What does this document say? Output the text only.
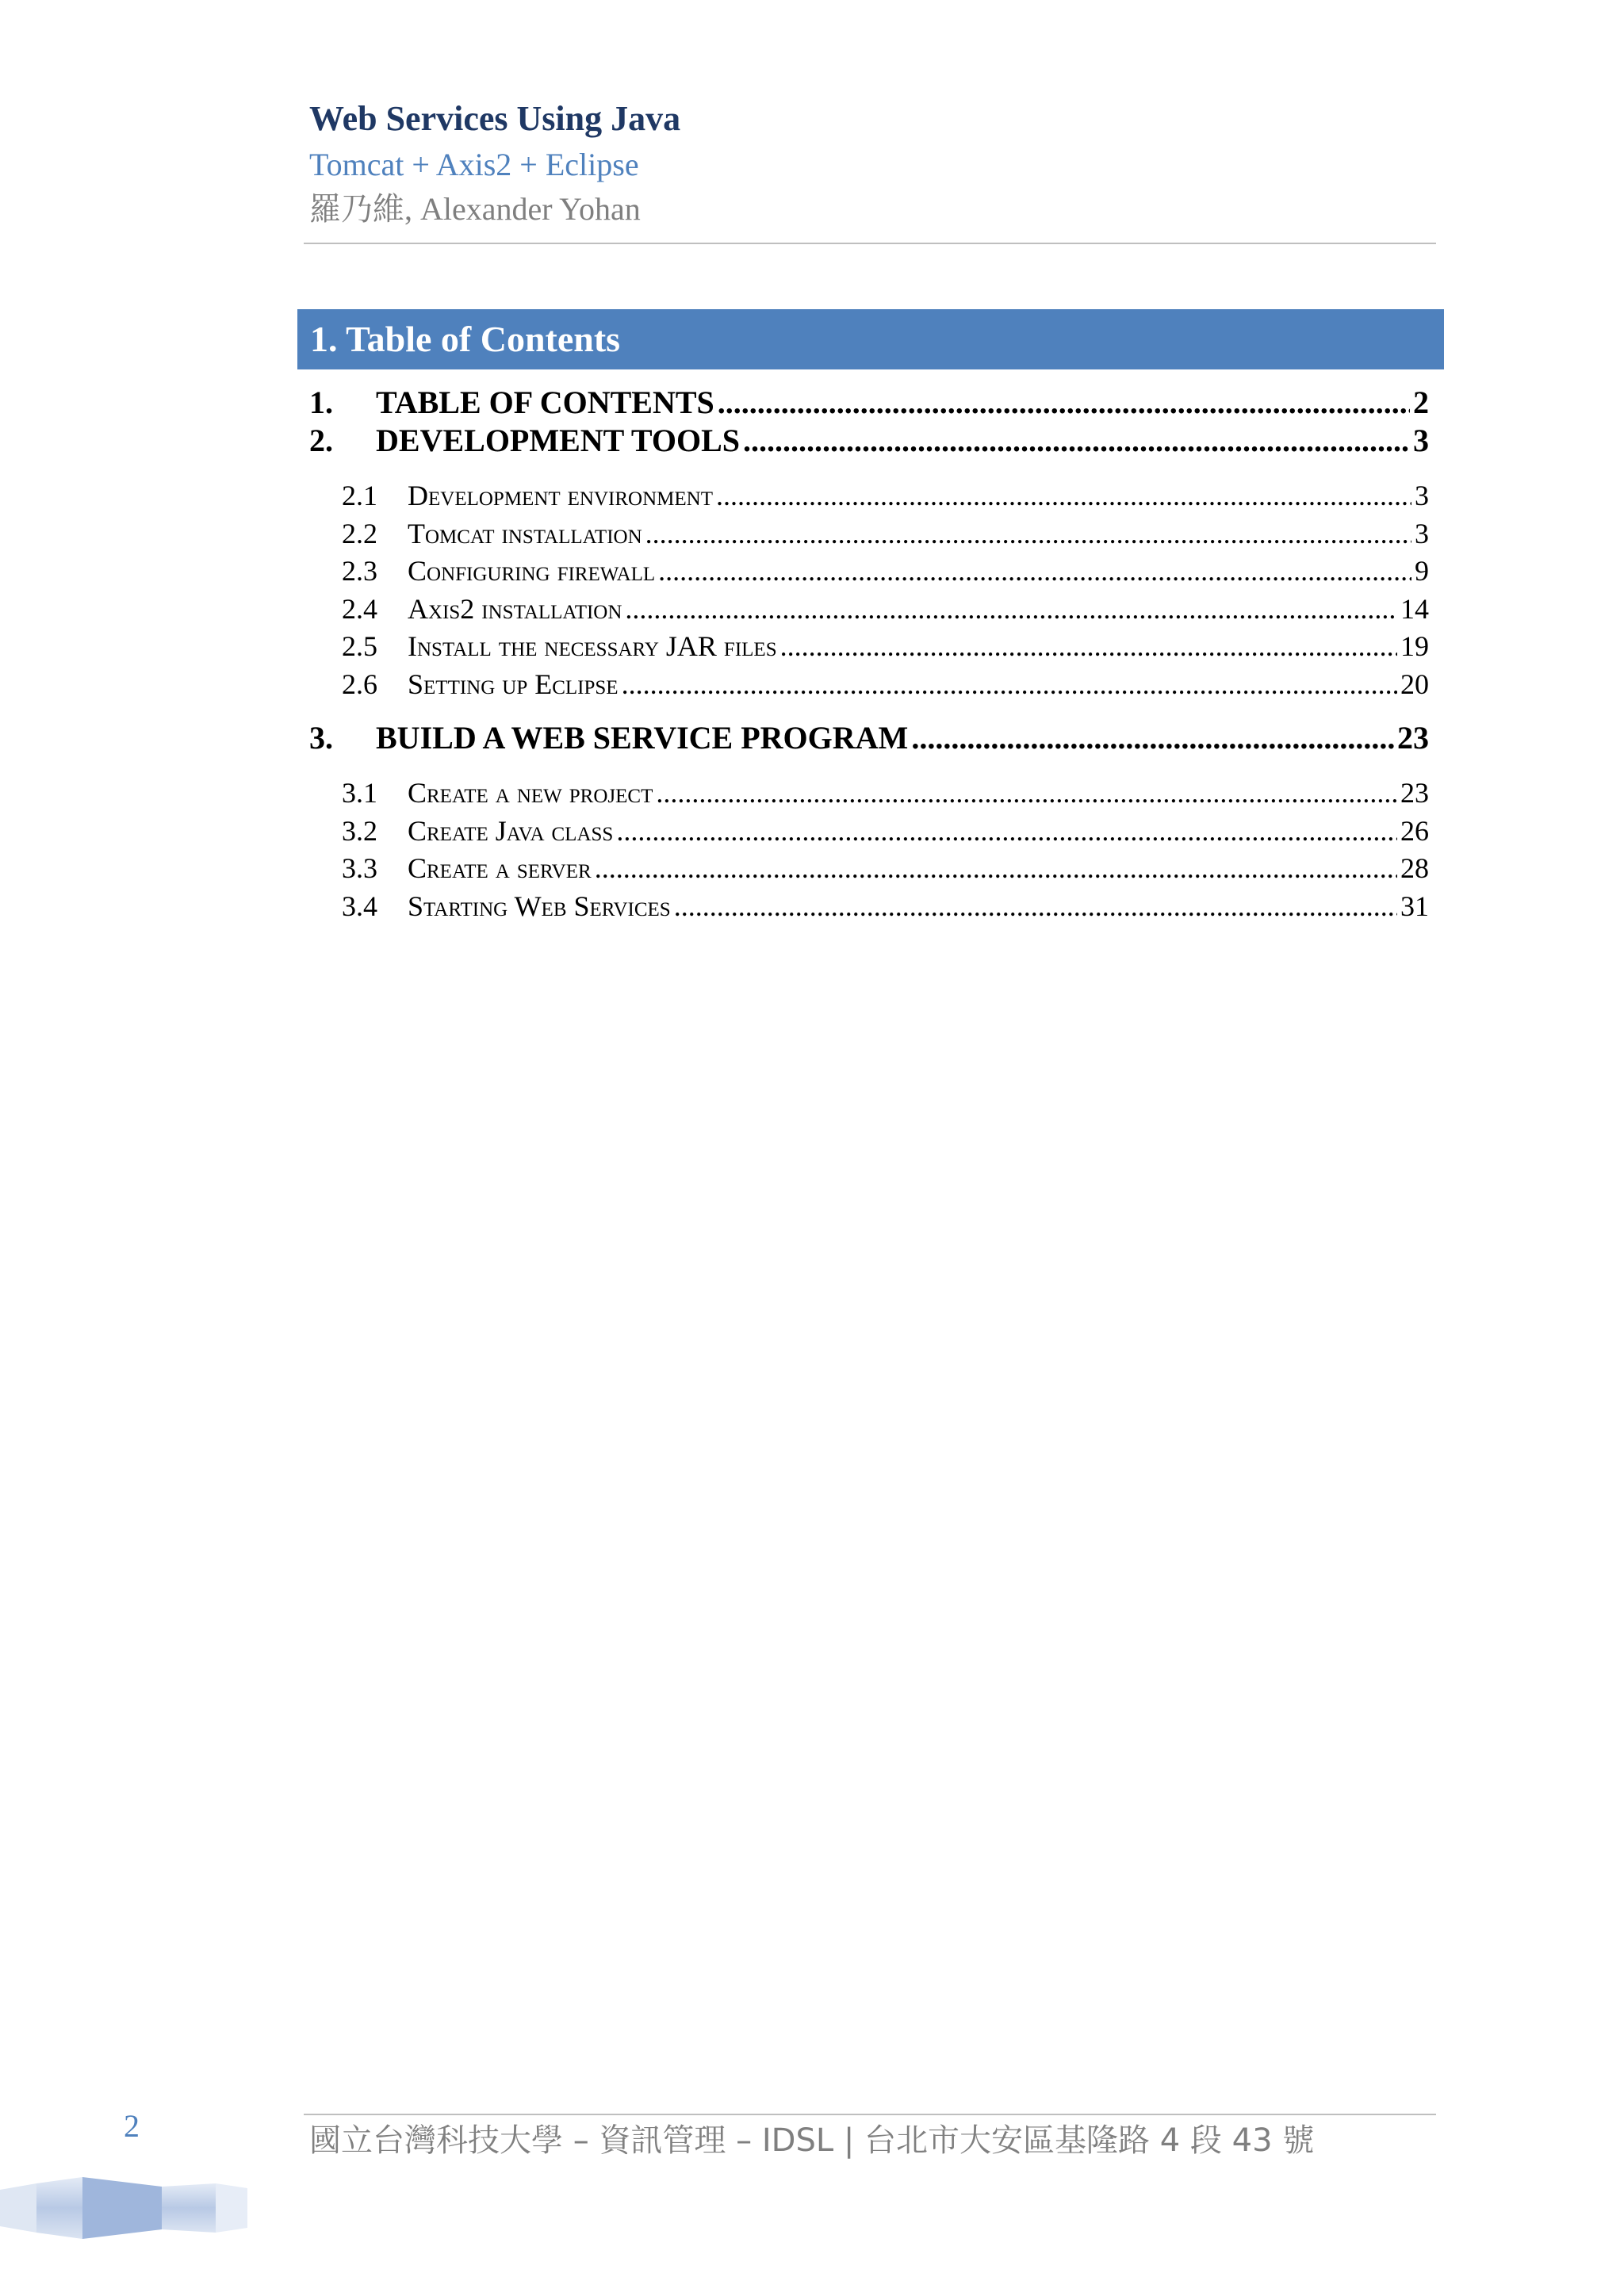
Web Services Using Java
Tomcat + Axis2 + Eclipse
羅乃維, Alexander Yohan
1. Table of Contents
1.	TABLE OF CONTENTS .....	2
2.	DEVELOPMENT TOOLS .....	3
2.1	Development environment .....	3
2.2	Tomcat installation .....	3
2.3	Configuring firewall .....	9
2.4	Axis2 installation .....	14
2.5	Install the necessary JAR files .....	19
2.6	Setting up Eclipse .....	20
3.	BUILD A WEB SERVICE PROGRAM .....	23
3.1	Create a new project .....	23
3.2	Create Java class .....	26
3.3	Create a server .....	28
3.4	Starting Web Services .....	31
2	國立台灣科技大學 – 資訊管理 – IDSL | 台北市大安區基隆路 4 段 43 號
